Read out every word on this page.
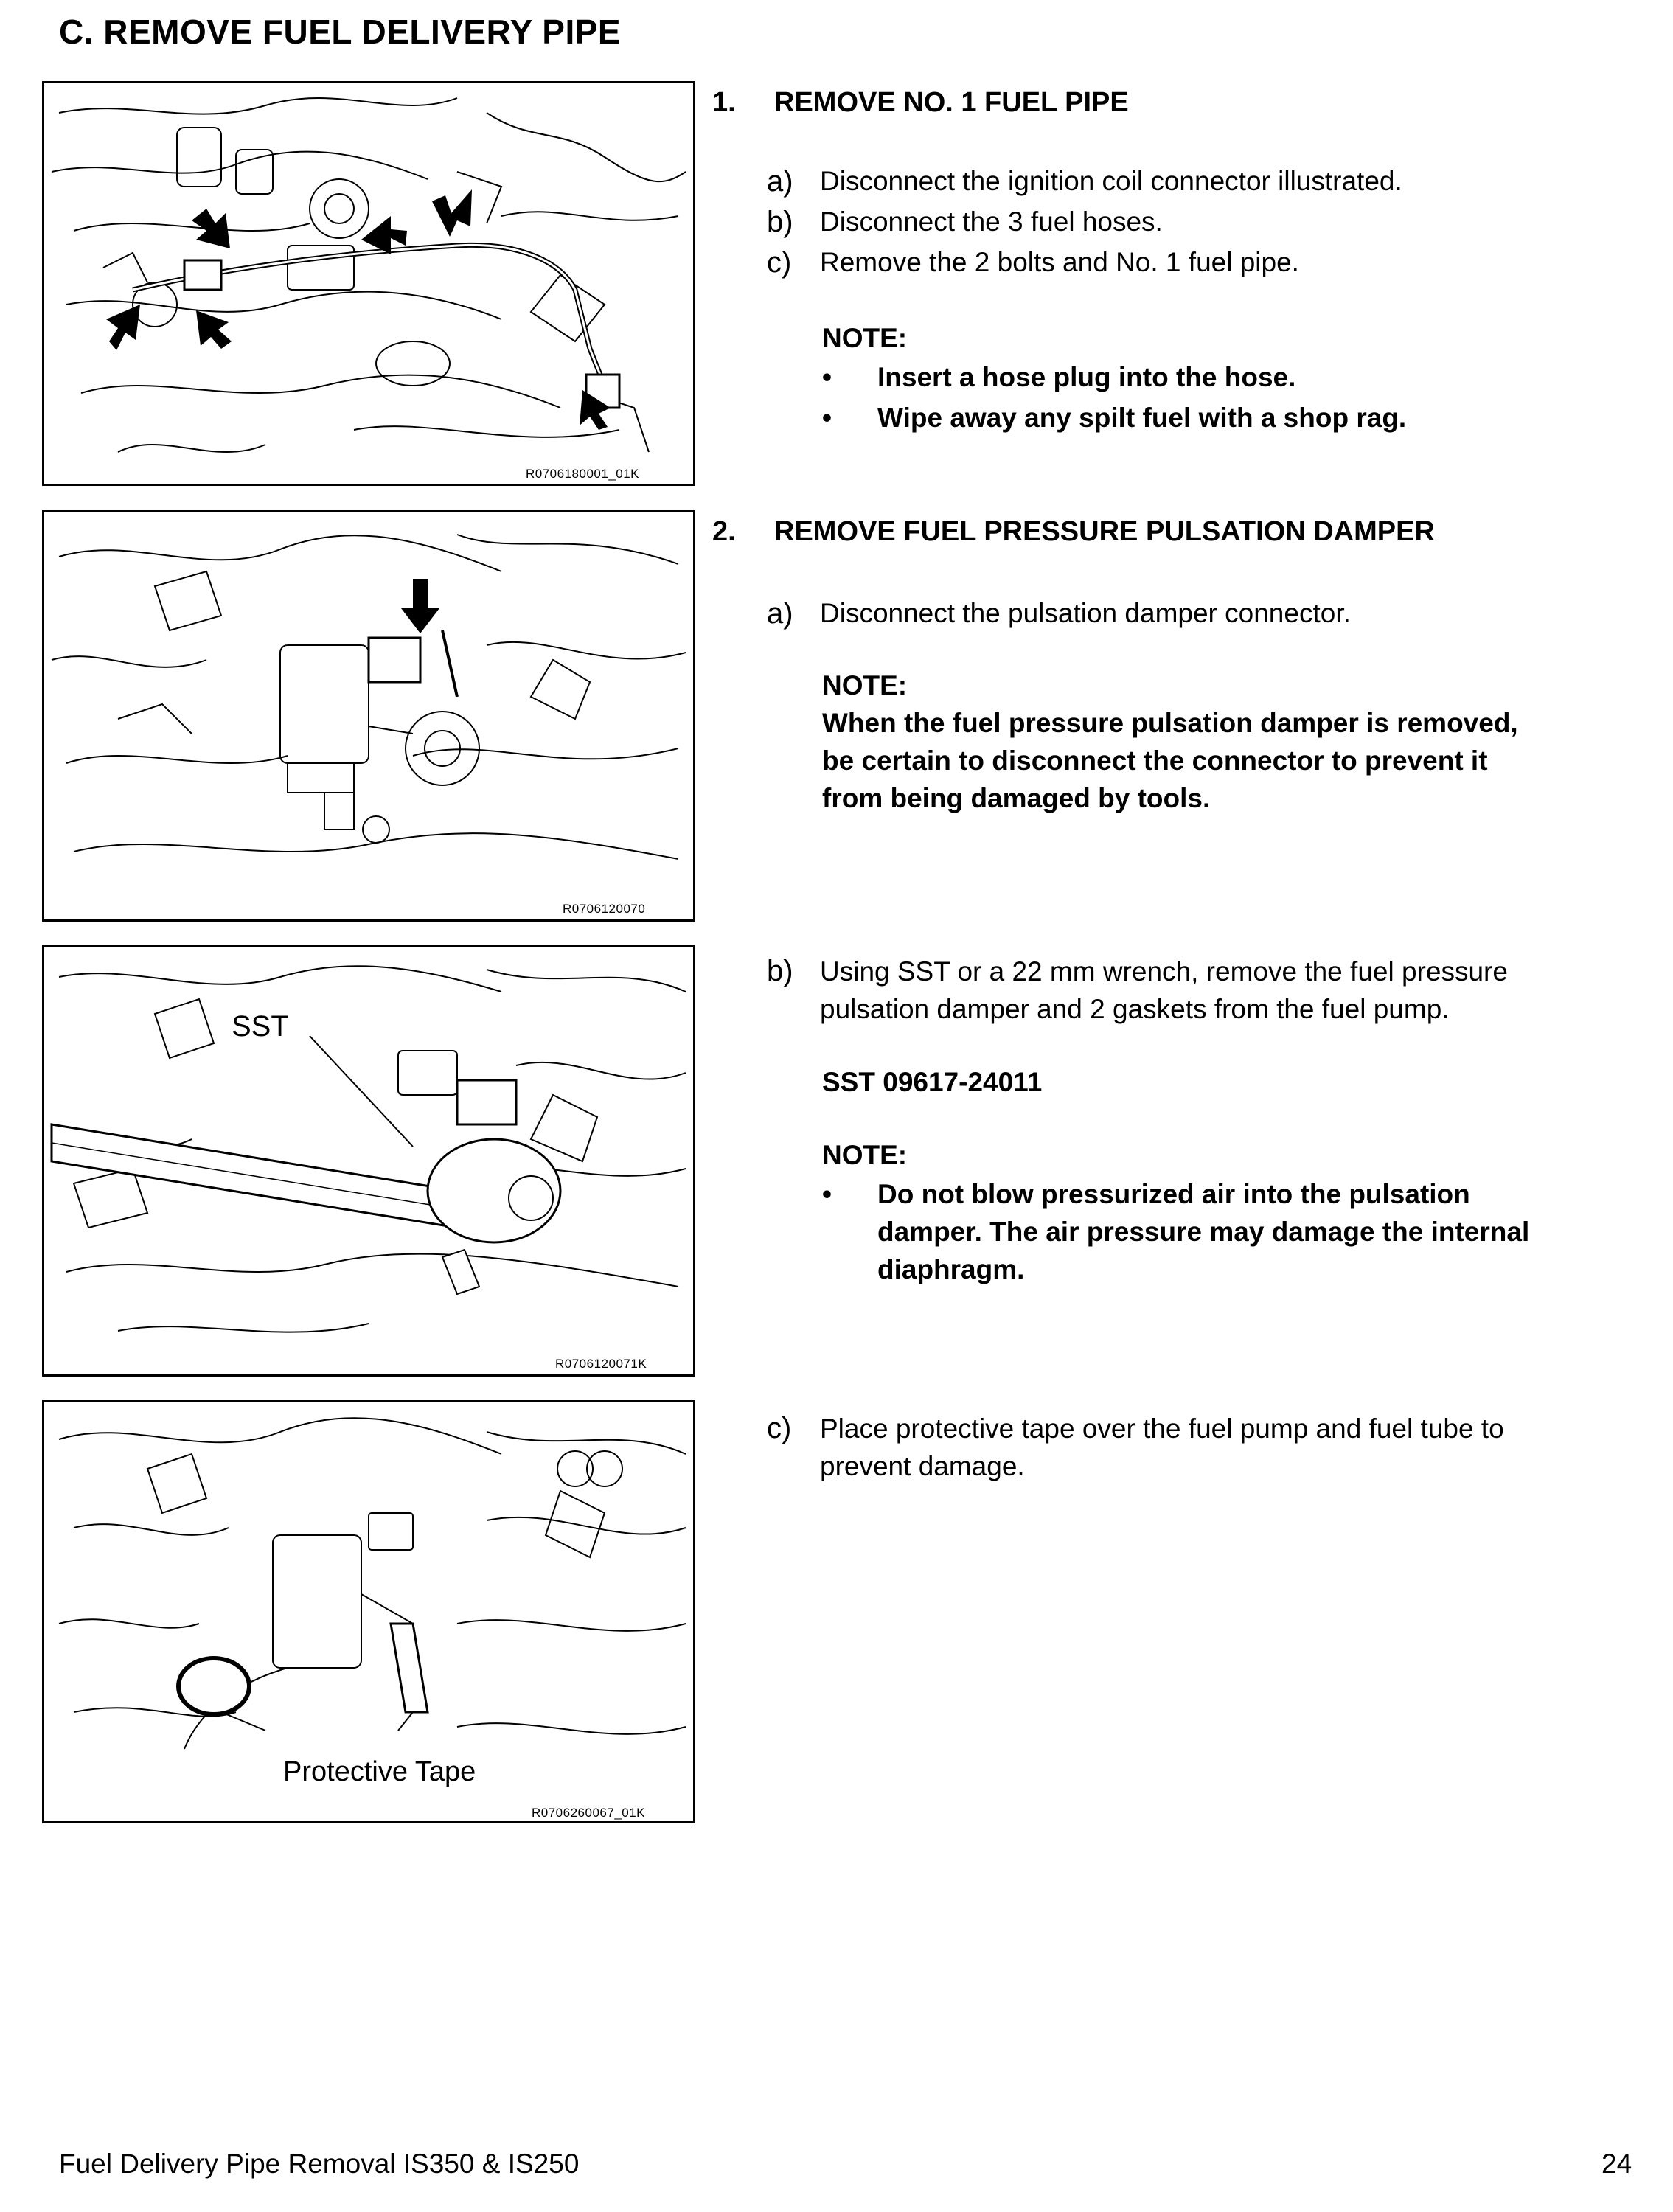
C. REMOVE FUEL DELIVERY PIPE
R0706180001_01K
R0706120070
SST
R0706120071K
Protective Tape
R0706260067_01K
1. REMOVE NO. 1 FUEL PIPE
a) Disconnect the ignition coil connector illustrated.
b) Disconnect the 3 fuel hoses.
c) Remove the 2 bolts and No. 1 fuel pipe.
NOTE:
• Insert a hose plug into the hose.
• Wipe away any spilt fuel with a shop rag.
2. REMOVE FUEL PRESSURE PULSATION DAMPER
a) Disconnect the pulsation damper connector.
NOTE:
When the fuel pressure pulsation damper is removed,
be certain to disconnect the connector to prevent it
from being damaged by tools.
b) Using SST or a 22 mm wrench, remove the fuel pressure
pulsation damper and 2 gaskets from the fuel pump.
SST 09617-24011
NOTE:
• Do not blow pressurized air into the pulsation
damper. The air pressure may damage the internal
diaphragm.
c) Place protective tape over the fuel pump and fuel tube to
prevent damage.
Fuel Delivery Pipe Removal IS350 & IS250	24
